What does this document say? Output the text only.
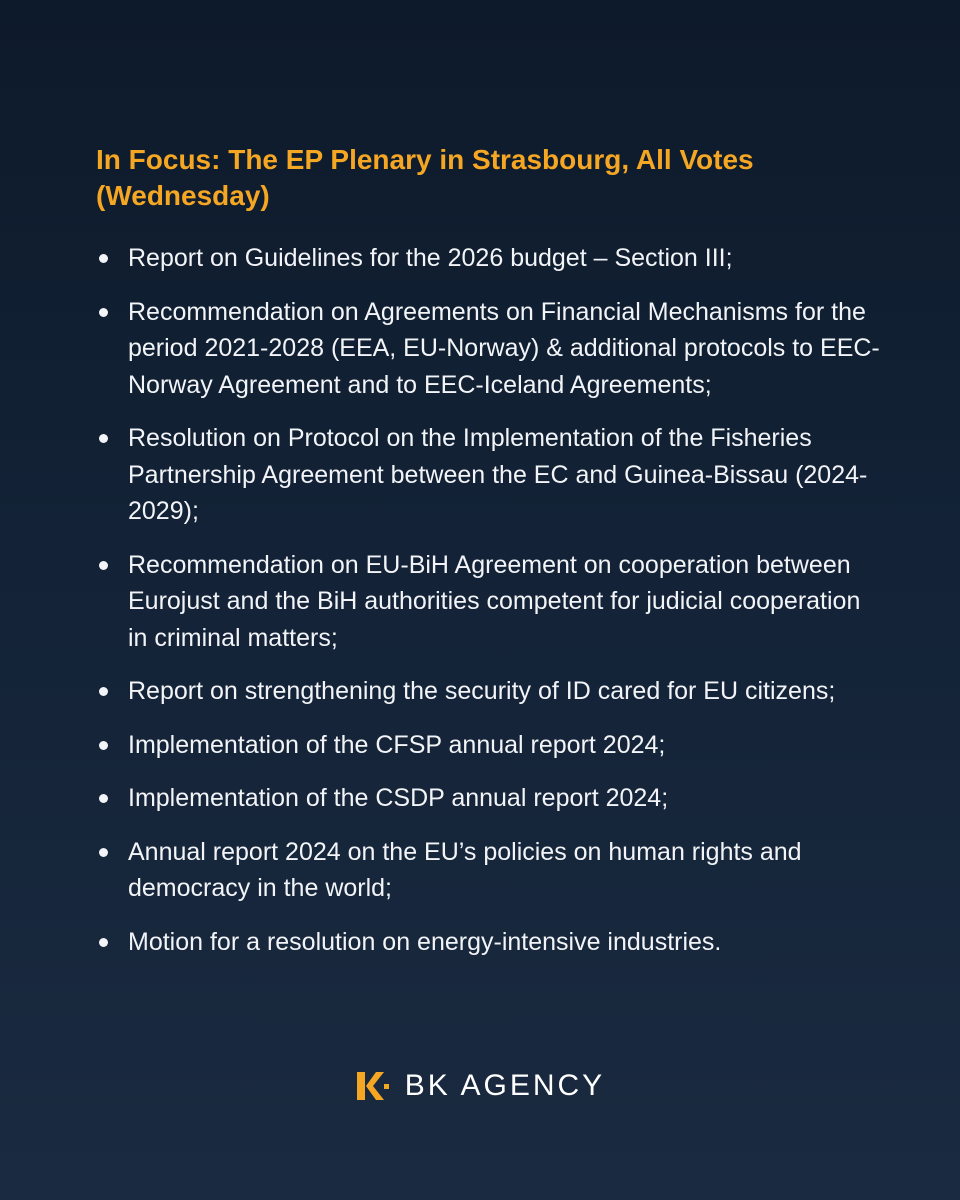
In Focus: The EP Plenary in Strasbourg, All Votes (Wednesday)
Report on Guidelines for the 2026 budget – Section III;
Recommendation on Agreements on Financial Mechanisms for the period 2021-2028 (EEA, EU-Norway) & additional protocols to EEC-Norway Agreement and to EEC-Iceland Agreements;
Resolution on Protocol on the Implementation of the Fisheries Partnership Agreement between the EC and Guinea-Bissau (2024-2029);
Recommendation on EU-BiH Agreement on cooperation between Eurojust and the BiH authorities competent for judicial cooperation in criminal matters;
Report on strengthening the security of ID cared for EU citizens;
Implementation of the CFSP annual report 2024;
Implementation of the CSDP annual report 2024;
Annual report 2024 on the EU’s policies on human rights and democracy in the world;
Motion for a resolution on energy-intensive industries.
BK AGENCY
